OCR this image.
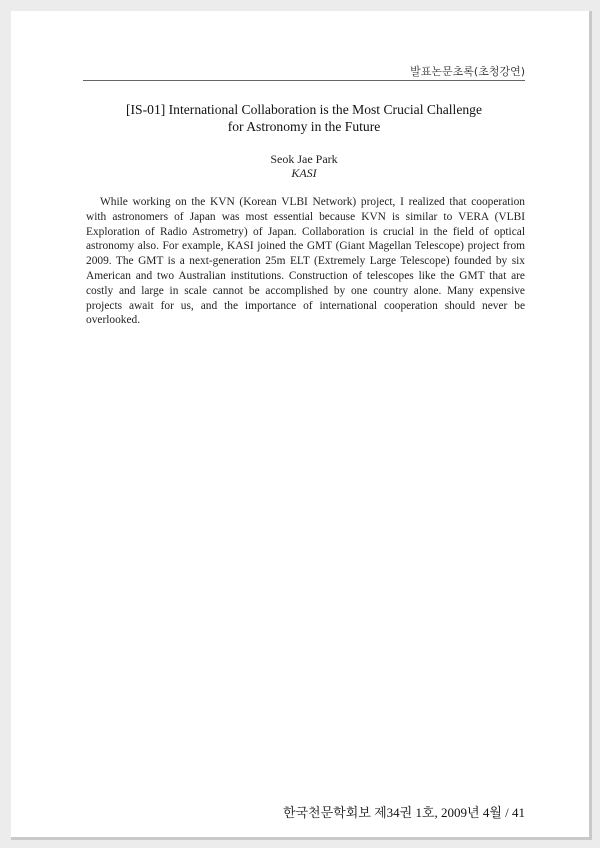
발표논문초록(초청강연)
[IS-01] International Collaboration is the Most Crucial Challenge
for Astronomy in the Future
Seok Jae Park
KASI

While working on the KVN (Korean VLBI Network) project, I realized that cooperation with astronomers of Japan was most essential because KVN is similar to VERA (VLBI Exploration of Radio Astrometry) of Japan. Collaboration is crucial in the field of optical astronomy also. For example, KASI joined the GMT (Giant Magellan Telescope) project from 2009. The GMT is a next-generation 25m ELT (Extremely Large Telescope) founded by six American and two Australian institutions. Construction of telescopes like the GMT that are costly and large in scale cannot be accomplished by one country alone. Many expensive projects await for us, and the importance of international cooperation should never be overlooked.

한국천문학회보 제34권 1호, 2009년 4월 / 41
